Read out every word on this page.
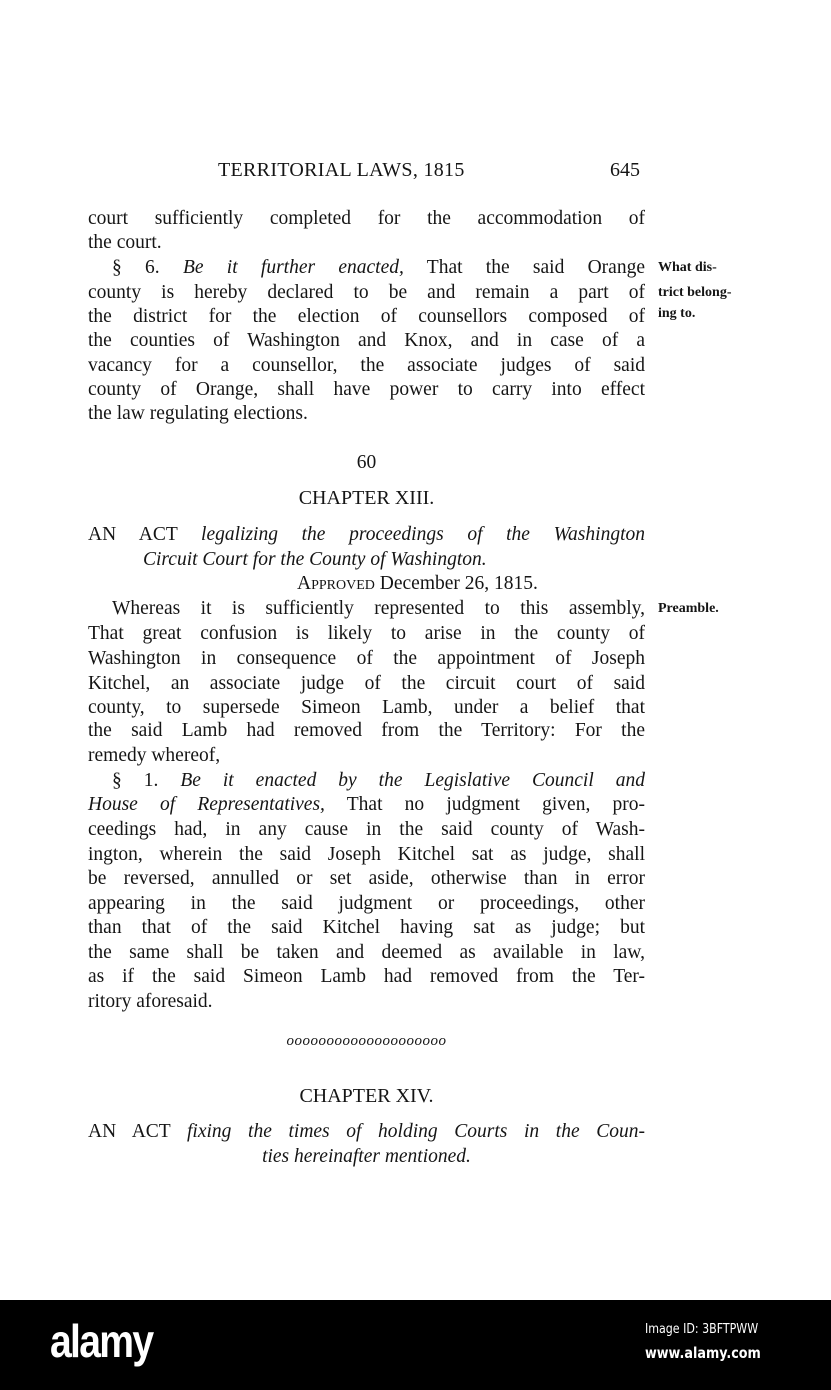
TERRITORIAL LAWS, 1815	645
court sufficiently completed for the accommodation of
the court.
§ 6. Be it further enacted, That the said Orange
county is hereby declared to be and remain a part of
the district for the election of counsellors composed of
the counties of Washington and Knox, and in case of a
vacancy for a counsellor, the associate judges of said
county of Orange, shall have power to carry into effect
the law regulating elections.
60
CHAPTER XIII.
AN ACT legalizing the proceedings of the Washington
Circuit Court for the County of Washington.
Approved December 26, 1815.
Whereas it is sufficiently represented to this assembly,
That great confusion is likely to arise in the county of
Washington in consequence of the appointment of Joseph
Kitchel, an associate judge of the circuit court of said
county, to supersede Simeon Lamb, under a belief that
the said Lamb had removed from the Territory: For the
remedy whereof,
§ 1. Be it enacted by the Legislative Council and
House of Representatives, That no judgment given, pro-
ceedings had, in any cause in the said county of Wash-
ington, wherein the said Joseph Kitchel sat as judge, shall
be reversed, annulled or set aside, otherwise than in error
appearing in the said judgment or proceedings, other
than that of the said Kitchel having sat as judge; but
the same shall be taken and deemed as available in law,
as if the said Simeon Lamb had removed from the Ter-
ritory aforesaid.
oooooooooooooooooooo
CHAPTER XIV.
AN ACT fixing the times of holding Courts in the Coun-
ties hereinafter mentioned.
What dis-
trict belong-
ing to.
Preamble.
alamy	Image ID: 3BFTPWW
www.alamy.com
